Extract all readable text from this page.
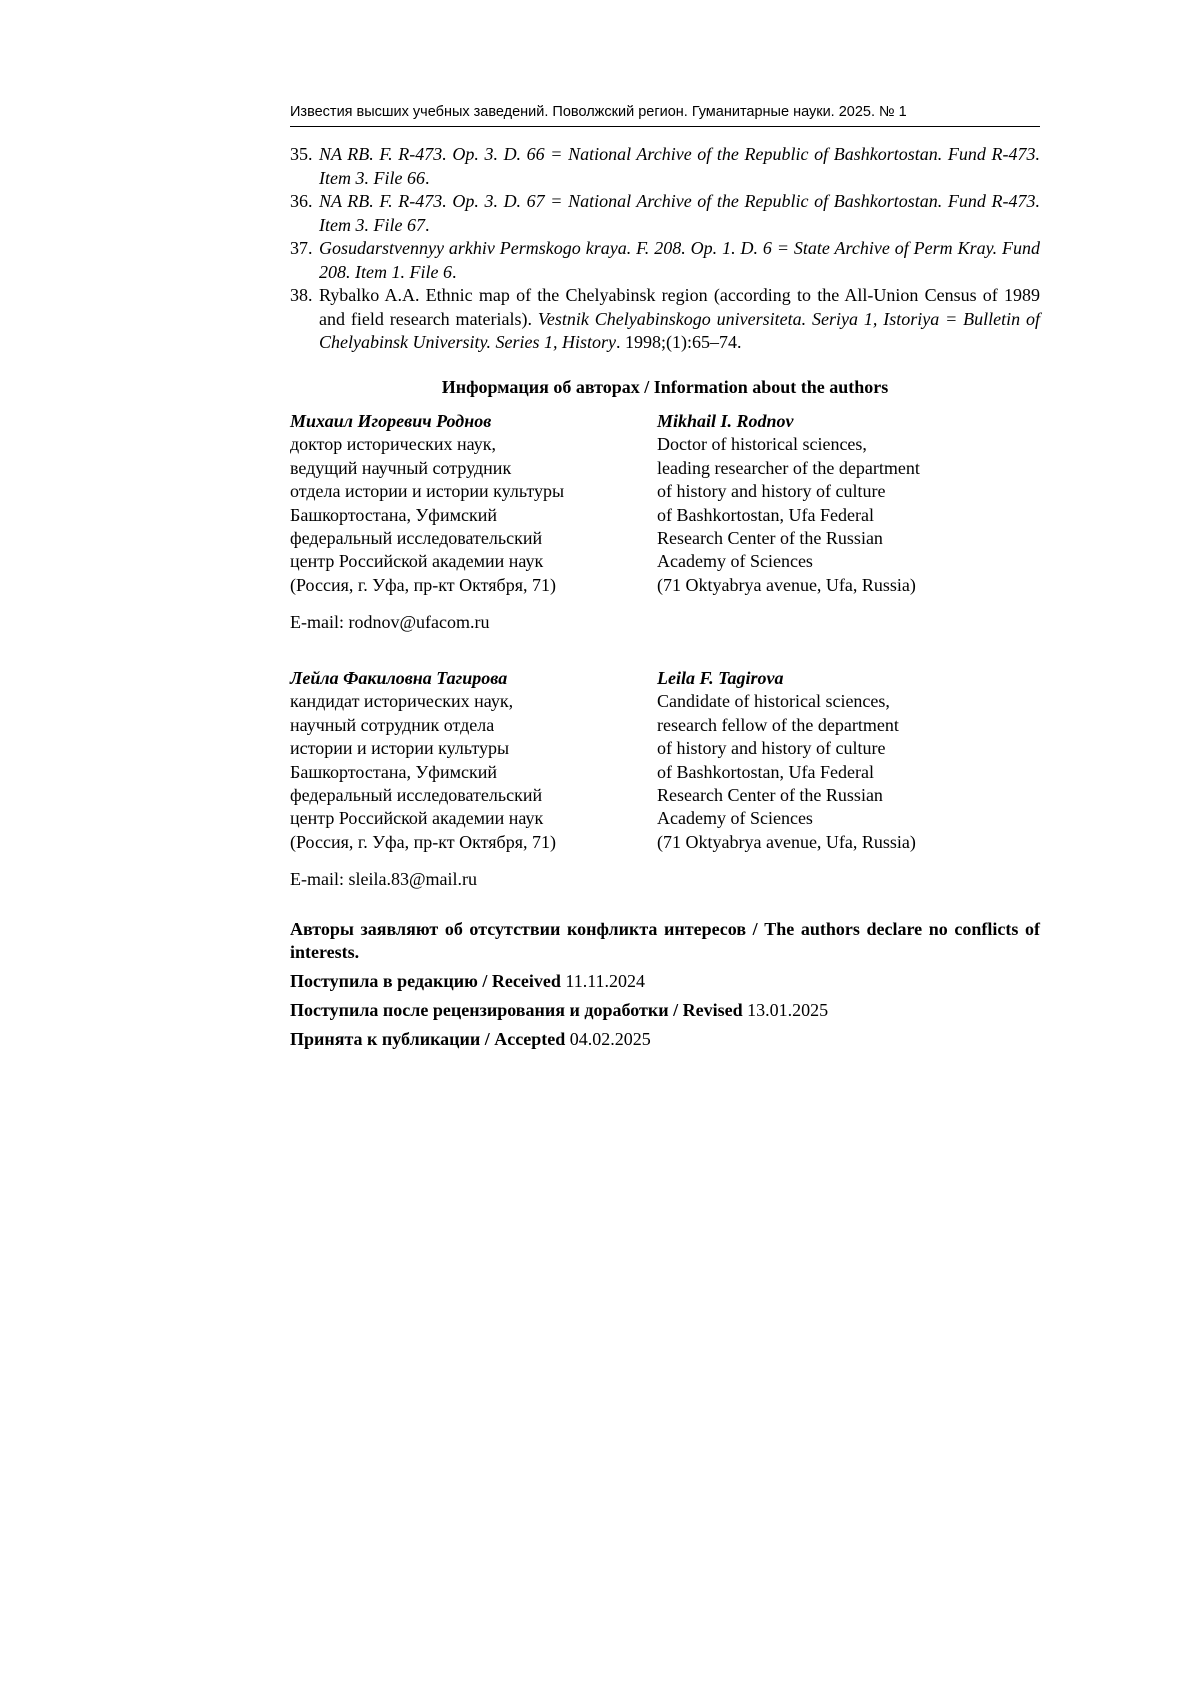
Известия высших учебных заведений. Поволжский регион. Гуманитарные науки. 2025. № 1
35. NA RB. F. R-473. Op. 3. D. 66 = National Archive of the Republic of Bashkortostan. Fund R-473. Item 3. File 66.
36. NA RB. F. R-473. Op. 3. D. 67 = National Archive of the Republic of Bashkortostan. Fund R-473. Item 3. File 67.
37. Gosudarstvennyy arkhiv Permskogo kraya. F. 208. Op. 1. D. 6 = State Archive of Perm Kray. Fund 208. Item 1. File 6.
38. Rybalko A.A. Ethnic map of the Chelyabinsk region (according to the All-Union Census of 1989 and field research materials). Vestnik Chelyabinskogo universiteta. Seriya 1, Istoriya = Bulletin of Chelyabinsk University. Series 1, History. 1998;(1):65–74.
Информация об авторах / Information about the authors
Михаил Игоревич Роднов
доктор исторических наук,
ведущий научный сотрудник
отдела истории и истории культуры
Башкортостана, Уфимский
федеральный исследовательский
центр Российской академии наук
(Россия, г. Уфа, пр-кт Октября, 71)
Mikhail I. Rodnov
Doctor of historical sciences,
leading researcher of the department
of history and history of culture
of Bashkortostan, Ufa Federal
Research Center of the Russian
Academy of Sciences
(71 Oktyabrya avenue, Ufa, Russia)
E-mail: rodnov@ufacom.ru
Лейла Факиловна Тагирова
кандидат исторических наук,
научный сотрудник отдела
истории и истории культуры
Башкортостана, Уфимский
федеральный исследовательский
центр Российской академии наук
(Россия, г. Уфа, пр-кт Октября, 71)
Leila F. Tagirova
Candidate of historical sciences,
research fellow of the department
of history and history of culture
of Bashkortostan, Ufa Federal
Research Center of the Russian
Academy of Sciences
(71 Oktyabrya avenue, Ufa, Russia)
E-mail: sleila.83@mail.ru

Авторы заявляют об отсутствии конфликта интересов / The authors declare no conflicts of interests.

Поступила в редакцию / Received 11.11.2024

Поступила после рецензирования и доработки / Revised 13.01.2025

Принята к публикации / Accepted 04.02.2025
